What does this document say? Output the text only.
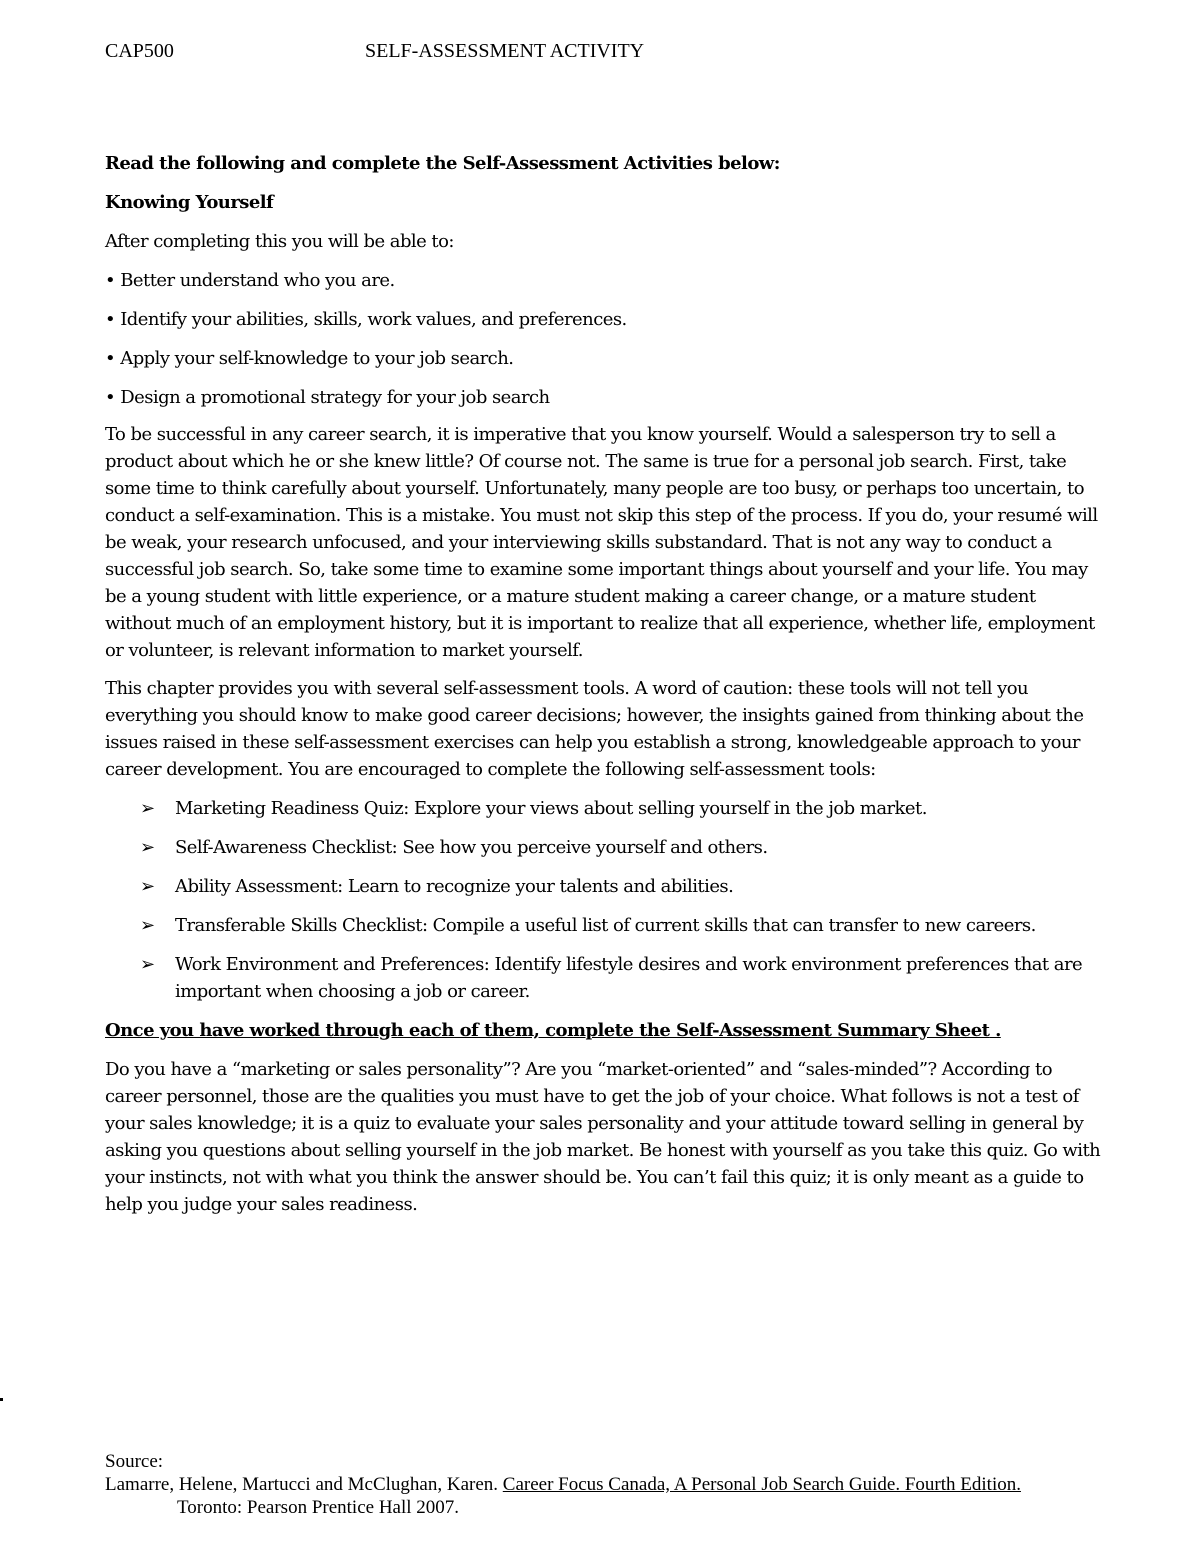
CAP500	SELF-ASSESSMENT ACTIVITY

Read the following and complete the Self-Assessment Activities below:

Knowing Yourself

After completing this you will be able to:

• Better understand who you are.

• Identify your abilities, skills, work values, and preferences.

• Apply your self-knowledge to your job search.

• Design a promotional strategy for your job search

To be successful in any career search, it is imperative that you know yourself. Would a salesperson try to sell a product about which he or she knew little? Of course not. The same is true for a personal job search. First, take some time to think carefully about yourself. Unfortunately, many people are too busy, or perhaps too uncertain, to conduct a self-examination. This is a mistake. You must not skip this step of the process. If you do, your resumé will be weak, your research unfocused, and your interviewing skills substandard. That is not any way to conduct a successful job search. So, take some time to examine some important things about yourself and your life. You may be a young student with little experience, or a mature student making a career change, or a mature student without much of an employment history, but it is important to realize that all experience, whether life, employment or volunteer, is relevant information to market yourself.

This chapter provides you with several self-assessment tools. A word of caution: these tools will not tell you everything you should know to make good career decisions; however, the insights gained from thinking about the issues raised in these self-assessment exercises can help you establish a strong, knowledgeable approach to your career development. You are encouraged to complete the following self-assessment tools:

➢ Marketing Readiness Quiz: Explore your views about selling yourself in the job market.
➢ Self-Awareness Checklist: See how you perceive yourself and others.
➢ Ability Assessment: Learn to recognize your talents and abilities.
➢ Transferable Skills Checklist: Compile a useful list of current skills that can transfer to new careers.
➢ Work Environment and Preferences: Identify lifestyle desires and work environment preferences that are important when choosing a job or career.

Once you have worked through each of them, complete the Self-Assessment Summary Sheet .

Do you have a “marketing or sales personality”? Are you “market-oriented” and “sales-minded”? According to career personnel, those are the qualities you must have to get the job of your choice. What follows is not a test of your sales knowledge; it is a quiz to evaluate your sales personality and your attitude toward selling in general by asking you questions about selling yourself in the job market. Be honest with yourself as you take this quiz. Go with your instincts, not with what you think the answer should be. You can’t fail this quiz; it is only meant as a guide to help you judge your sales readiness.

Source:
Lamarre, Helene, Martucci and McClughan, Karen. Career Focus Canada, A Personal Job Search Guide. Fourth Edition.
Toronto: Pearson Prentice Hall 2007.
